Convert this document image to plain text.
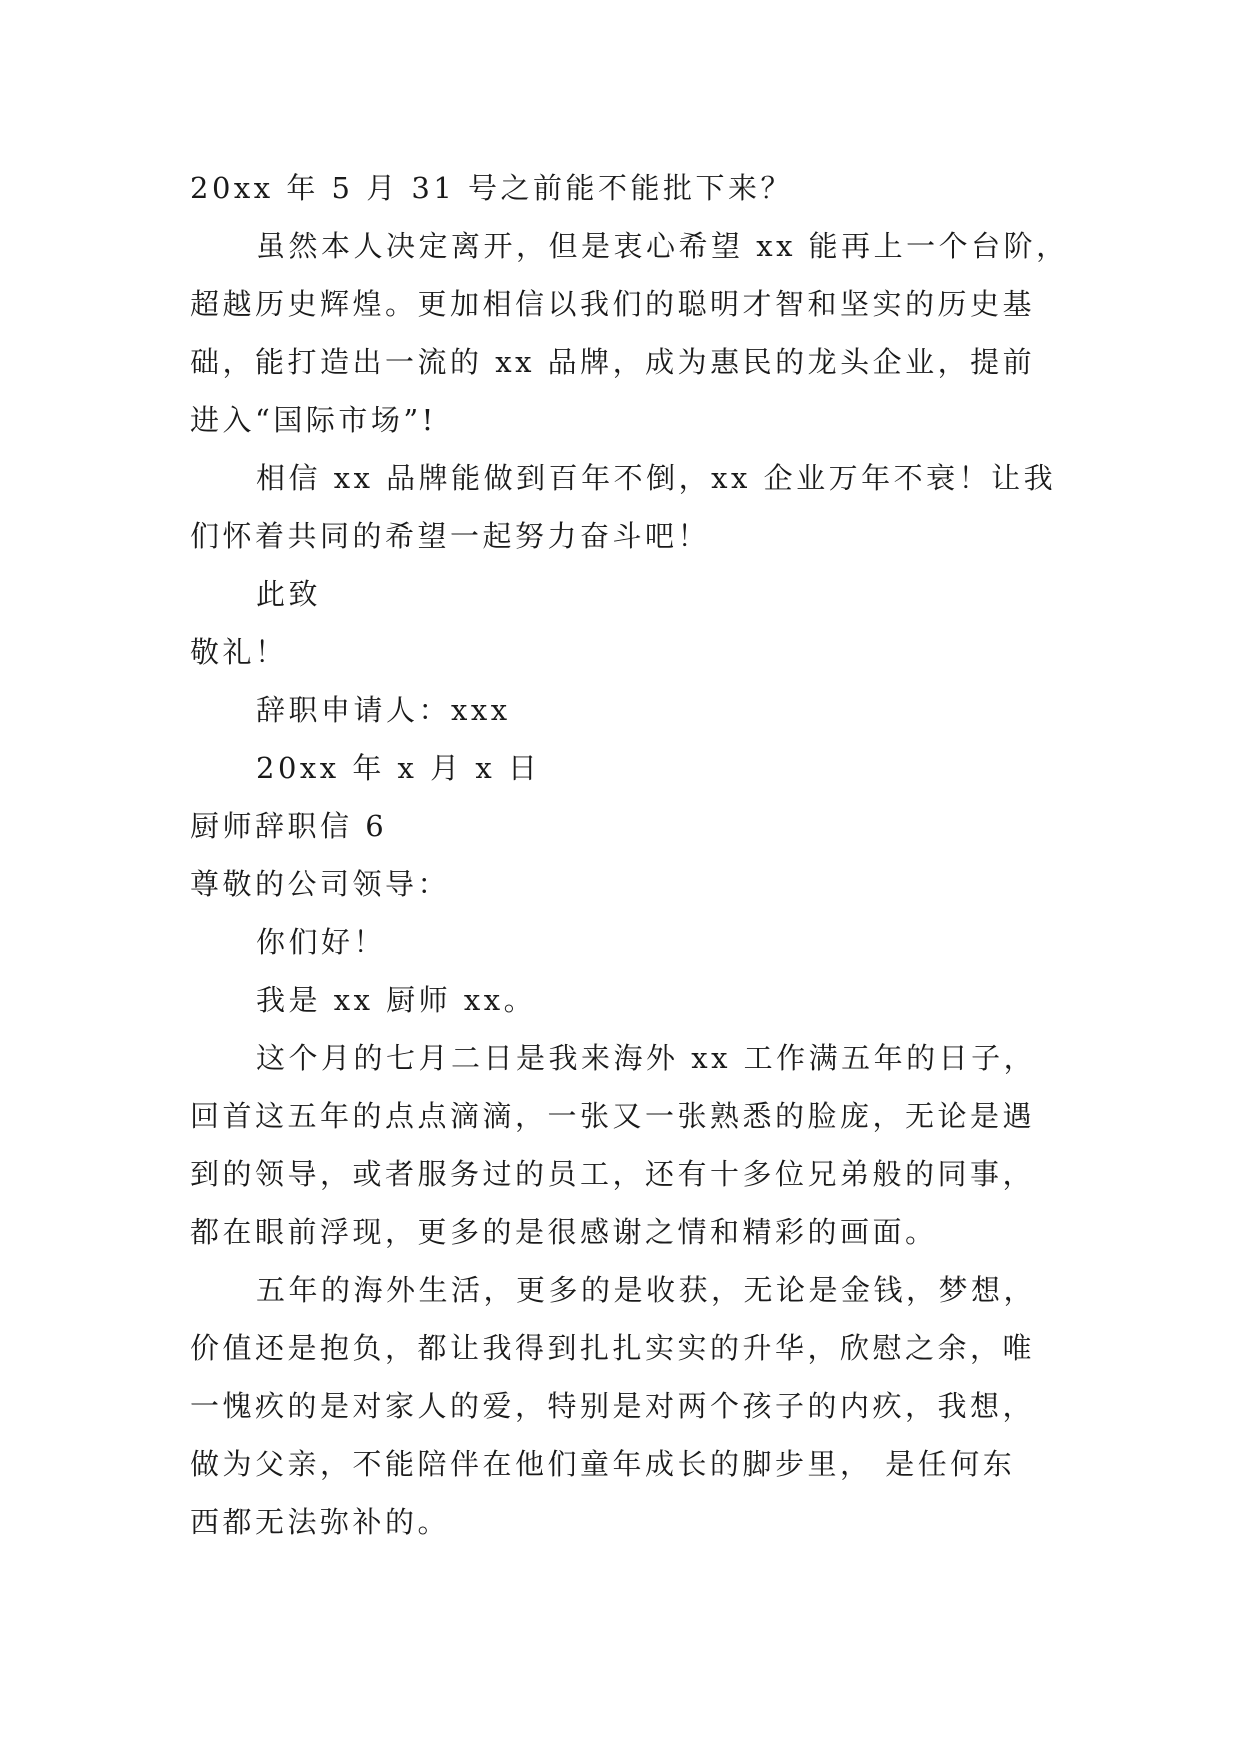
20xx 年 5 月 31 号之前能不能批下来？
虽然本人决定离开，但是衷心希望 xx 能再上一个台阶，
超越历史辉煌。更加相信以我们的聪明才智和坚实的历史基
础，能打造出一流的 xx 品牌，成为惠民的龙头企业，提前
进入“国际市场”!
相信 xx 品牌能做到百年不倒，xx 企业万年不衰！让我
们怀着共同的希望一起努力奋斗吧！
此致
敬礼！
辞职申请人：xxx
20xx 年 x 月 x 日
厨师辞职信 6
尊敬的公司领导：
你们好！
我是 xx 厨师 xx。
这个月的七月二日是我来海外 xx 工作满五年的日子，
回首这五年的点点滴滴，一张又一张熟悉的脸庞，无论是遇
到的领导，或者服务过的员工，还有十多位兄弟般的同事，
都在眼前浮现，更多的是很感谢之情和精彩的画面。
五年的海外生活，更多的是收获，无论是金钱，梦想，
价值还是抱负，都让我得到扎扎实实的升华，欣慰之余，唯
一愧疚的是对家人的爱，特别是对两个孩子的内疚，我想，
做为父亲，不能陪伴在他们童年成长的脚步里， 是任何东
西都无法弥补的。
